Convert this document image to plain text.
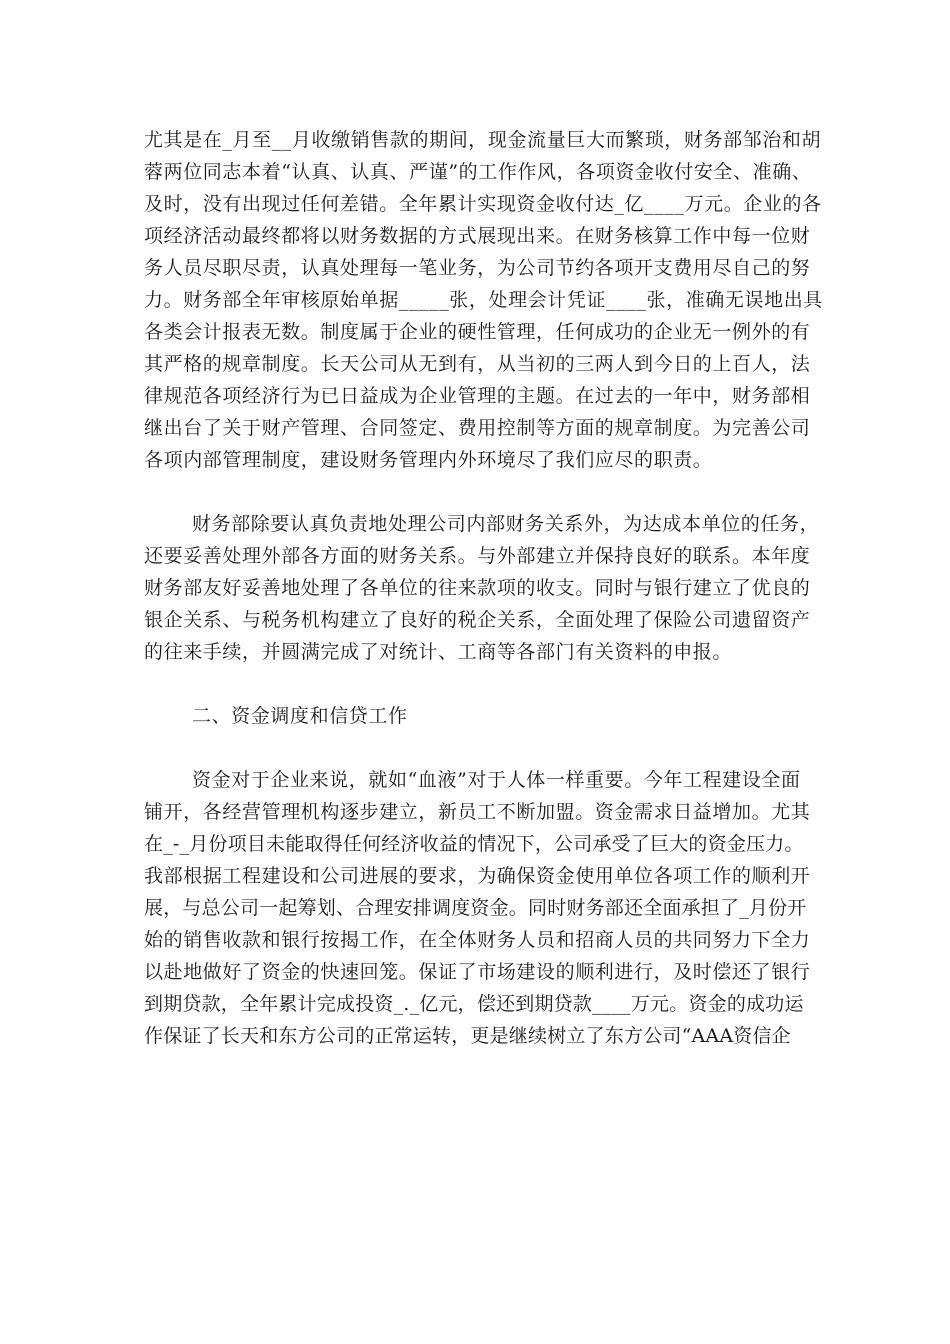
尤其是在_月至__月收缴销售款的期间，现金流量巨大而繁琐，财务部邹治和胡
蓉两位同志本着“认真、认真、严谨”的工作作风，各项资金收付安全、准确、
及时，没有出现过任何差错。全年累计实现资金收付达_亿____万元。企业的各
项经济活动最终都将以财务数据的方式展现出来。在财务核算工作中每一位财
务人员尽职尽责，认真处理每一笔业务，为公司节约各项开支费用尽自己的努
力。财务部全年审核原始单据_____张，处理会计凭证____张，准确无误地出具
各类会计报表无数。制度属于企业的硬性管理，任何成功的企业无一例外的有
其严格的规章制度。长天公司从无到有，从当初的三两人到今日的上百人，法
律规范各项经济行为已日益成为企业管理的主题。在过去的一年中，财务部相
继出台了关于财产管理、合同签定、费用控制等方面的规章制度。为完善公司
各项内部管理制度，建设财务管理内外环境尽了我们应尽的职责。
财务部除要认真负责地处理公司内部财务关系外，为达成本单位的任务，
还要妥善处理外部各方面的财务关系。与外部建立并保持良好的联系。本年度
财务部友好妥善地处理了各单位的往来款项的收支。同时与银行建立了优良的
银企关系、与税务机构建立了良好的税企关系，全面处理了保险公司遗留资产
的往来手续，并圆满完成了对统计、工商等各部门有关资料的申报。
二、资金调度和信贷工作
资金对于企业来说，就如“血液”对于人体一样重要。今年工程建设全面
铺开，各经营管理机构逐步建立，新员工不断加盟。资金需求日益增加。尤其
在_-_月份项目未能取得任何经济收益的情况下，公司承受了巨大的资金压力。
我部根据工程建设和公司进展的要求，为确保资金使用单位各项工作的顺利开
展，与总公司一起筹划、合理安排调度资金。同时财务部还全面承担了_月份开
始的销售收款和银行按揭工作，在全体财务人员和招商人员的共同努力下全力
以赴地做好了资金的快速回笼。保证了市场建设的顺利进行，及时偿还了银行
到期贷款，全年累计完成投资_._亿元，偿还到期贷款____万元。资金的成功运
作保证了长天和东方公司的正常运转，更是继续树立了东方公司“AAA资信企
